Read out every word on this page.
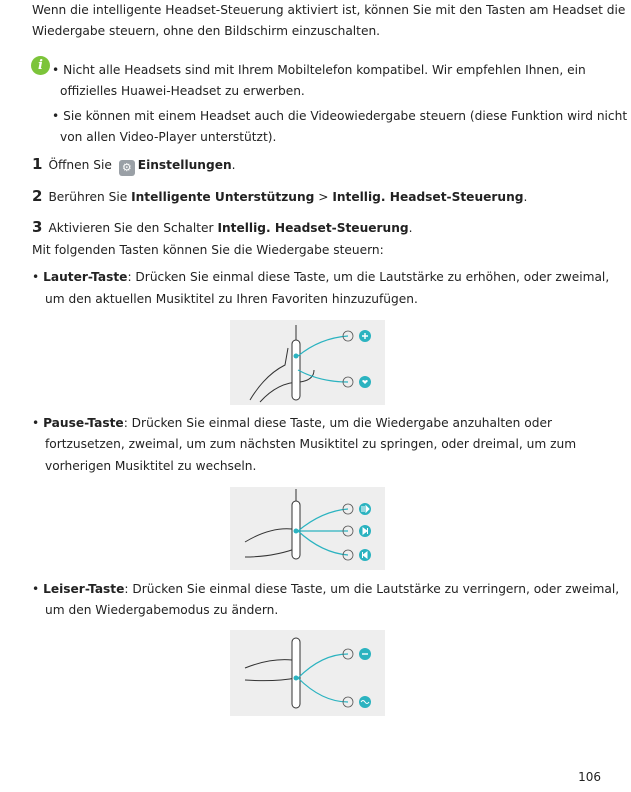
Wenn die intelligente Headset-Steuerung aktiviert ist, können Sie mit den Tasten am Headset die
Wiedergabe steuern, ohne den Bildschirm einzuschalten.
i • Nicht alle Headsets sind mit Ihrem Mobiltelefon kompatibel. Wir empfehlen Ihnen, ein
offizielles Huawei-Headset zu erwerben.
• Sie können mit einem Headset auch die Videowiedergabe steuern (diese Funktion wird nicht
von allen Video-Player unterstützt).
1 Öffnen Sie ⚙ Einstellungen.
2 Berühren Sie Intelligente Unterstützung > Intellig. Headset-Steuerung.
3 Aktivieren Sie den Schalter Intellig. Headset-Steuerung.
Mit folgenden Tasten können Sie die Wiedergabe steuern:
• Lauter-Taste: Drücken Sie einmal diese Taste, um die Lautstärke zu erhöhen, oder zweimal,
um den aktuellen Musiktitel zu Ihren Favoriten hinzuzufügen.
• Pause-Taste: Drücken Sie einmal diese Taste, um die Wiedergabe anzuhalten oder
fortzusetzen, zweimal, um zum nächsten Musiktitel zu springen, oder dreimal, um zum
vorherigen Musiktitel zu wechseln.
• Leiser-Taste: Drücken Sie einmal diese Taste, um die Lautstärke zu verringern, oder zweimal,
um den Wiedergabemodus zu ändern.
106
